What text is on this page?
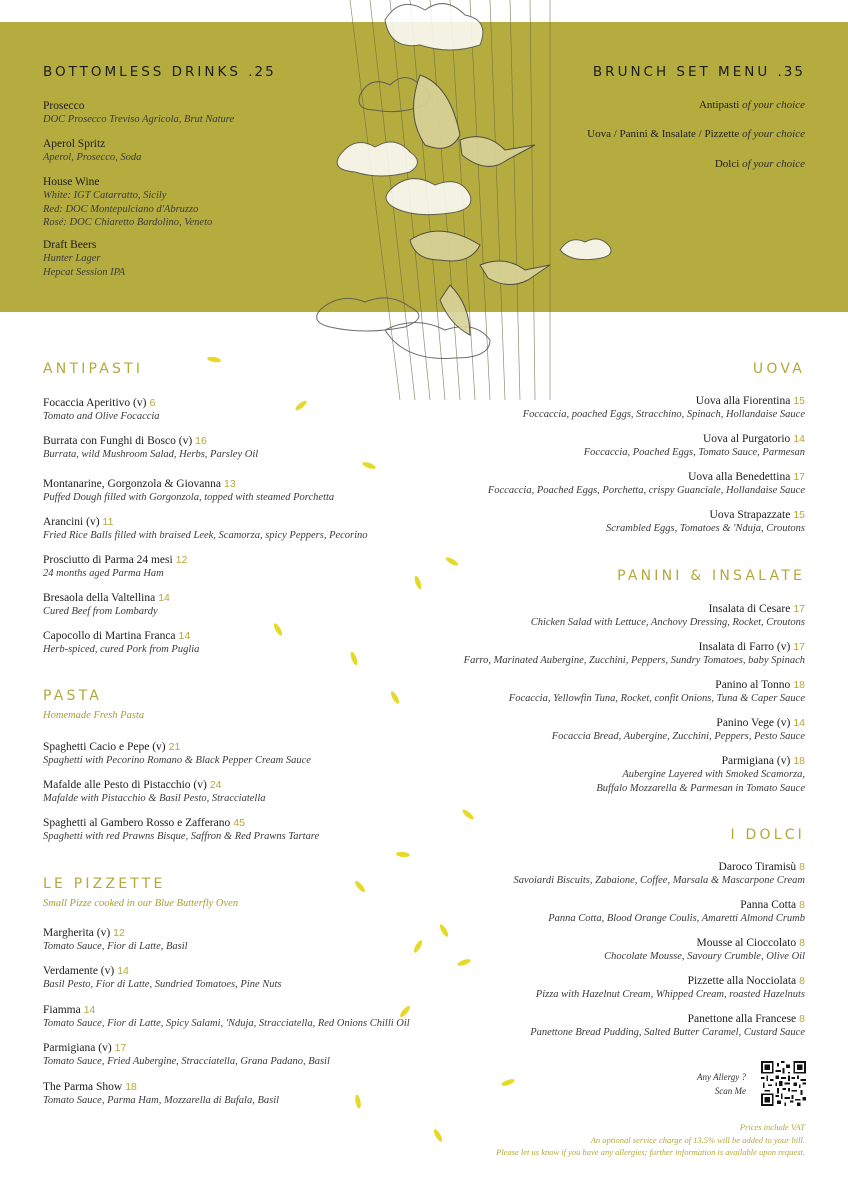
BOTTOMLESS DRINKS .25
Prosecco
DOC Prosecco Treviso Agricola, Brut Nature
Aperol Spritz
Aperol, Prosecco, Soda
House Wine
White: IGT Catarratto, Sicily
Red: DOC Montepulciano d'Abruzzo
Rosé: DOC Chiaretto Bardolino, Veneto
Draft Beers
Hunter Lager
Hepcat Session IPA
BRUNCH SET MENU .35
Antipasti of your choice
Uova / Panini & Insalate / Pizzette of your choice
Dolci of your choice
ANTIPASTI
Focaccia Aperitivo (v) 6
Tomato and Olive Focaccia
Burrata con Funghi di Bosco (v) 16
Burrata, wild Mushroom Salad, Herbs, Parsley Oil
Montanarine, Gorgonzola & Giovanna 13
Puffed Dough filled with Gorgonzola, topped with steamed Porchetta
Arancini (v) 11
Fried Rice Balls filled with braised Leek, Scamorza, spicy Peppers, Pecorino
Prosciutto di Parma 24 mesi 12
24 months aged Parma Ham
Bresaola della Valtellina 14
Cured Beef from Lombardy
Capocollo di Martina Franca 14
Herb-spiced, cured Pork from Puglia
PASTA
Homemade Fresh Pasta
Spaghetti Cacio e Pepe (v) 21
Spaghetti with Pecorino Romano & Black Pepper Cream Sauce
Mafalde alle Pesto di Pistacchio (v) 24
Mafalde with Pistacchio & Basil Pesto, Stracciatella
Spaghetti al Gambero Rosso e Zafferano 45
Spaghetti with red Prawns Bisque, Saffron & Red Prawns Tartare
LE PIZZETTE
Small Pizze cooked in our Blue Butterfly Oven
Margherita (v) 12
Tomato Sauce, Fior di Latte, Basil
Verdamente (v) 14
Basil Pesto, Fior di Latte, Sundried Tomatoes, Pine Nuts
Fiamma 14
Tomato Sauce, Fior di Latte, Spicy Salami, 'Nduja, Stracciatella, Red Onions Chilli Oil
Parmigiana (v) 17
Tomato Sauce, Fried Aubergine, Stracciatella, Grana Padano, Basil
The Parma Show 18
Tomato Sauce, Parma Ham, Mozzarella di Bufala, Basil
UOVA
Uova alla Fiorentina 15
Foccaccia, poached Eggs, Stracchino, Spinach, Hollandaise Sauce
Uova al Purgatorio 14
Foccaccia, Poached Eggs, Tomato Sauce, Parmesan
Uova alla Benedettina 17
Foccaccia, Poached Eggs, Porchetta, crispy Guanciale, Hollandaise Sauce
Uova Strapazzate 15
Scrambled Eggs, Tomatoes & 'Nduja, Croutons
PANINI & INSALATE
Insalata di Cesare 17
Chicken Salad with Lettuce, Anchovy Dressing, Rocket, Croutons
Insalata di Farro (v) 17
Farro, Marinated Aubergine, Zucchini, Peppers, Sundry Tomatoes, baby Spinach
Panino al Tonno 18
Focaccia, Yellowfin Tuna, Rocket, confit Onions, Tuna & Caper Sauce
Panino Vege (v) 14
Focaccia Bread, Aubergine, Zucchini, Peppers, Pesto Sauce
Parmigiana (v) 18
Aubergine Layered with Smoked Scamorza,
Buffalo Mozzarella & Parmesan in Tomato Sauce
I DOLCI
Daroco Tiramisù 8
Savoiardi Biscuits, Zabaione, Coffee, Marsala & Mascarpone Cream
Panna Cotta 8
Panna Cotta, Blood Orange Coulis, Amaretti Almond Crumb
Mousse al Cioccolato 8
Chocolate Mousse, Savoury Crumble, Olive Oil
Pizzette alla Nocciolata 8
Pizza with Hazelnut Cream, Whipped Cream, roasted Hazelnuts
Panettone alla Francese 8
Panettone Bread Pudding, Salted Butter Caramel, Custard Sauce
Any Allergy ?
Scan Me
Prices include VAT
An optional service charge of 13.5% will be added to your bill.
Please let us know if you have any allergies; further information is available upon request.
